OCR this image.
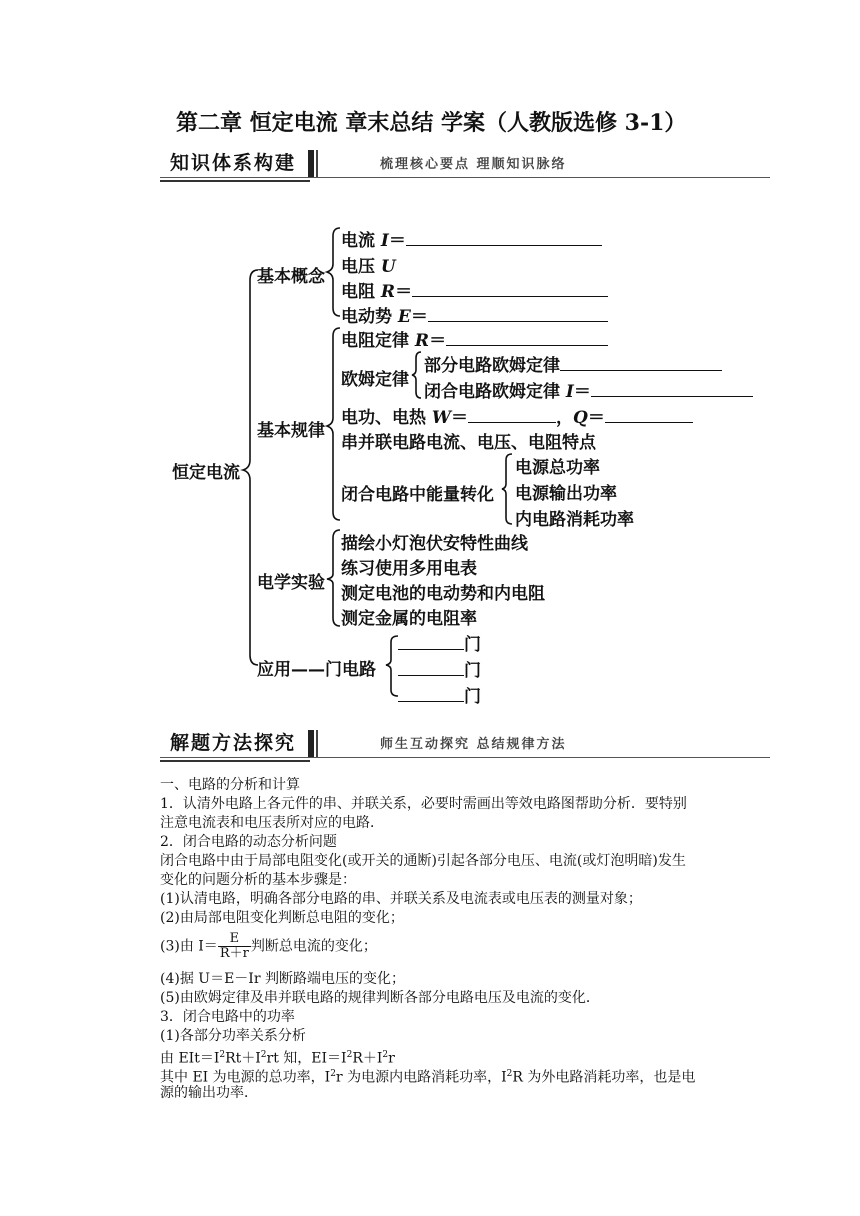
第二章 恒定电流 章末总结 学案（人教版选修 3-1）
知识体系构建	梳理核心要点 理顺知识脉络
恒定电流
基本概念
电流 I＝
电压 U
电阻 R＝
电动势 E＝
基本规律
电阻定律 R＝
欧姆定律
部分电路欧姆定律
闭合电路欧姆定律 I＝
电功、电热 W＝	，Q＝
串并联电路电流、电压、电阻特点
闭合电路中能量转化
电源总功率
电源输出功率
内电路消耗功率
电学实验
描绘小灯泡伏安特性曲线
练习使用多用电表
测定电池的电动势和内电阻
测定金属的电阻率
应用——门电路
门
门
门
解题方法探究	师生互动探究 总结规律方法
一、电路的分析和计算
1．认清外电路上各元件的串、并联关系，必要时需画出等效电路图帮助分析．要特别
注意电流表和电压表所对应的电路．
2．闭合电路的动态分析问题
闭合电路中由于局部电阻变化(或开关的通断)引起各部分电压、电流(或灯泡明暗)发生
变化的问题分析的基本步骤是：
(1)认清电路，明确各部分电路的串、并联关系及电流表或电压表的测量对象；
(2)由局部电阻变化判断总电阻的变化；
(3)由 $I= \frac{E}{R+r}$ 判断总电流的变化；
(4)据 U＝E－Ir 判断路端电压的变化；
(5)由欧姆定律及串并联电路的规律判断各部分电路电压及电流的变化．
3．闭合电路中的功率
(1)各部分功率关系分析
由 $EIt=I^2Rt+I^2rt$ 知，$EI=I^2R+I^2r$
其中 EI 为电源的总功率，$I^2r$ 为电源内电路消耗功率，$I^2R$ 为外电路消耗功率，也是电
源的输出功率．
